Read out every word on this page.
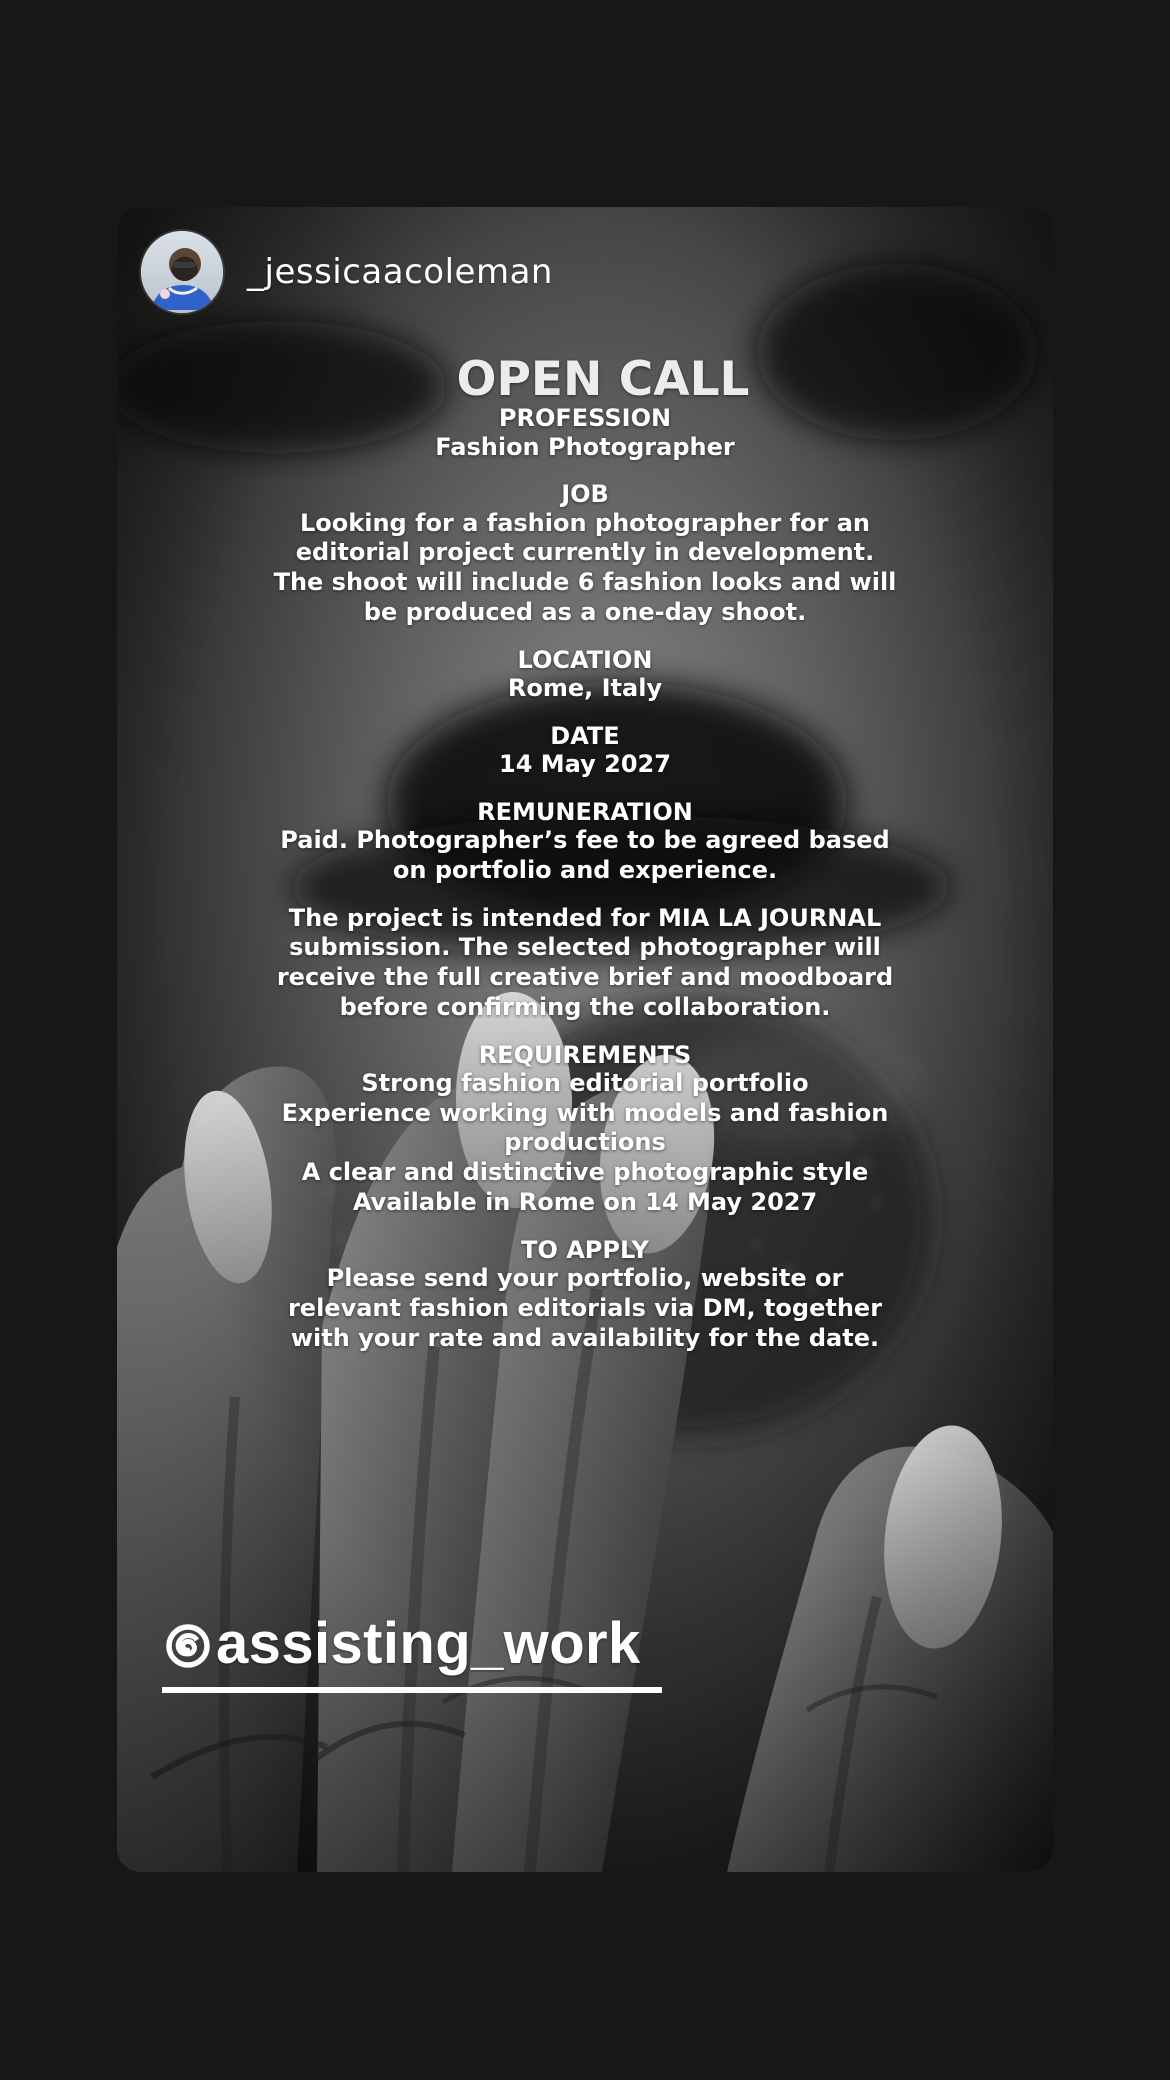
_jessicaacoleman
OPEN CALL
PROFESSION
Fashion Photographer
JOB
Looking for a fashion photographer for an
editorial project currently in development.
The shoot will include 6 fashion looks and will
be produced as a one-day shoot.
LOCATION
Rome, Italy
DATE
14 May 2027
REMUNERATION
Paid. Photographer’s fee to be agreed based
on portfolio and experience.
The project is intended for MIA LA JOURNAL
submission. The selected photographer will
receive the full creative brief and moodboard
before confirming the collaboration.
REQUIREMENTS
Strong fashion editorial portfolio
Experience working with models and fashion
productions
A clear and distinctive photographic style
Available in Rome on 14 May 2027
TO APPLY
Please send your portfolio, website or
relevant fashion editorials via DM, together
with your rate and availability for the date.
assisting_work
